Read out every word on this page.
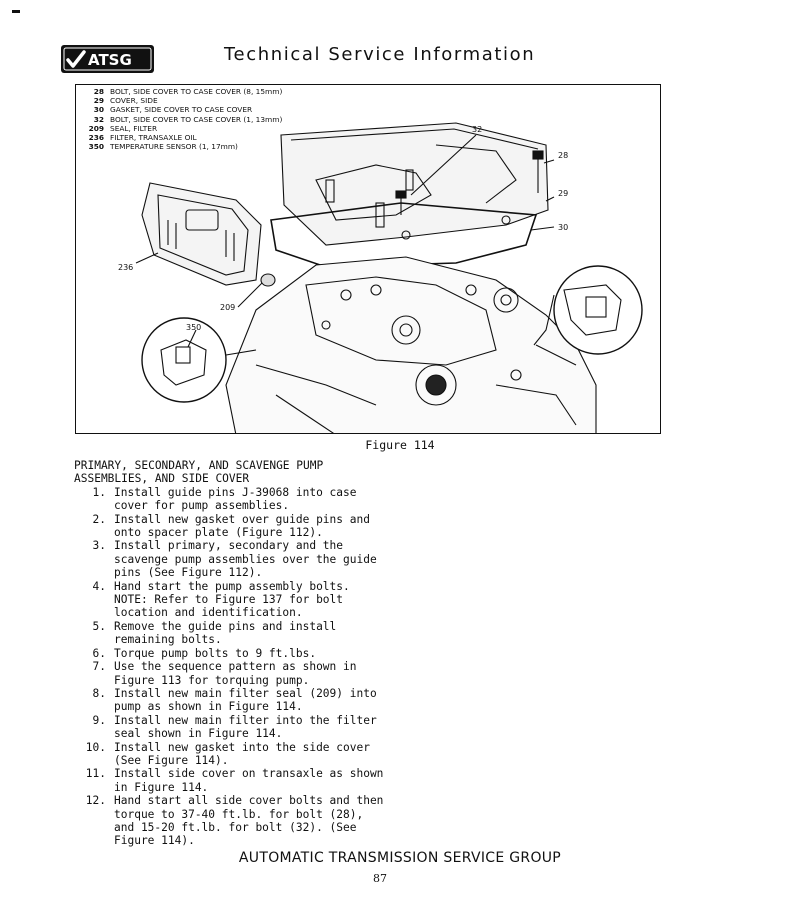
ATSG	Technical Service Information
28 BOLT, SIDE COVER TO CASE COVER (8, 15mm)
29 COVER, SIDE
30 GASKET, SIDE COVER TO CASE COVER
32 BOLT, SIDE COVER TO CASE COVER (1, 13mm)
209 SEAL, FILTER
236 FILTER, TRANSAXLE OIL
350 TEMPERATURE SENSOR (1, 17mm)
32
28
29
30
236
209
350
Figure 114
PRIMARY, SECONDARY, AND SCAVENGE PUMP
ASSEMBLIES, AND SIDE COVER
1. Install guide pins J-39068 into case cover for pump assemblies.
2. Install new gasket over guide pins and onto spacer plate (Figure 112).
3. Install primary, secondary and the scavenge pump assemblies over the guide pins (See Figure 112).
4. Hand start the pump assembly bolts. NOTE: Refer to Figure 137 for bolt location and identification.
5. Remove the guide pins and install remaining bolts.
6. Torque pump bolts to 9 ft.lbs.
7. Use the sequence pattern as shown in Figure 113 for torquing pump.
8. Install new main filter seal (209) into pump as shown in Figure 114.
9. Install new main filter into the filter seal shown in Figure 114.
10. Install new gasket into the side cover (See Figure 114).
11. Install side cover on transaxle as shown in Figure 114.
12. Hand start all side cover bolts and then torque to 37-40 ft.lb. for bolt (28), and 15-20 ft.lb. for bolt (32). (See Figure 114).
AUTOMATIC TRANSMISSION SERVICE GROUP
87
